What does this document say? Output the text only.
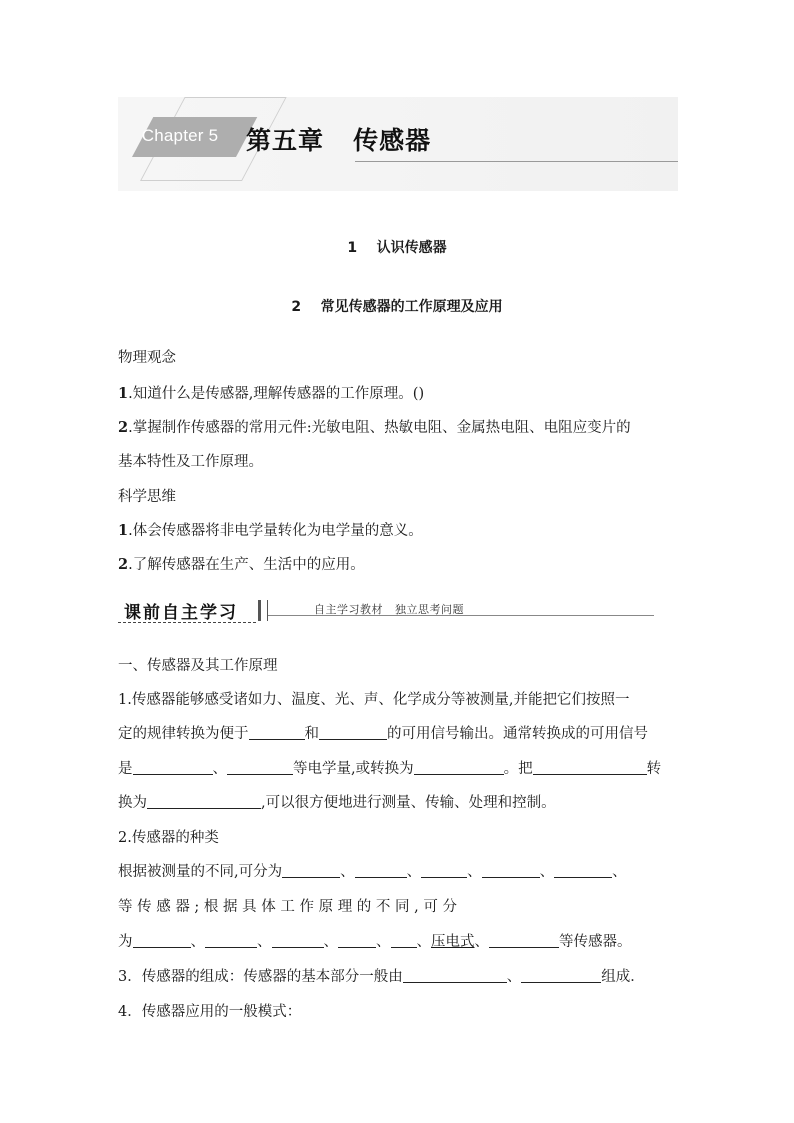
Chapter 5	第五章   传感器
1    认识传感器
2    常见传感器的工作原理及应用
物理观念
1.知道什么是传感器,理解传感器的工作原理。()
2.掌握制作传感器的常用元件:光敏电阻、热敏电阻、金属热电阻、电阻应变片的
基本特性及工作原理。
科学思维
1.体会传感器将非电学量转化为电学量的意义。
2.了解传感器在生产、生活中的应用。
课前自主学习	自主学习教材   独立思考问题
一、传感器及其工作原理
1.传感器能够感受诸如力、温度、光、声、化学成分等被测量,并能把它们按照一
定的规律转换为便于	和	的可用信号输出。通常转换成的可用信号
是	、	等电学量,或转换为	。把	转
换为	,可以很方便地进行测量、传输、处理和控制。
2.传感器的种类
根据被测量的不同,可分为	、	、	、	、	、
等 传 感 器 ; 根 据 具 体 工 作 原 理 的 不 同 , 可 分
为	、	、	、	、 、压电式、	等传感器。
3．传感器的组成：传感器的基本部分一般由	、	组成．
4．传感器应用的一般模式：
